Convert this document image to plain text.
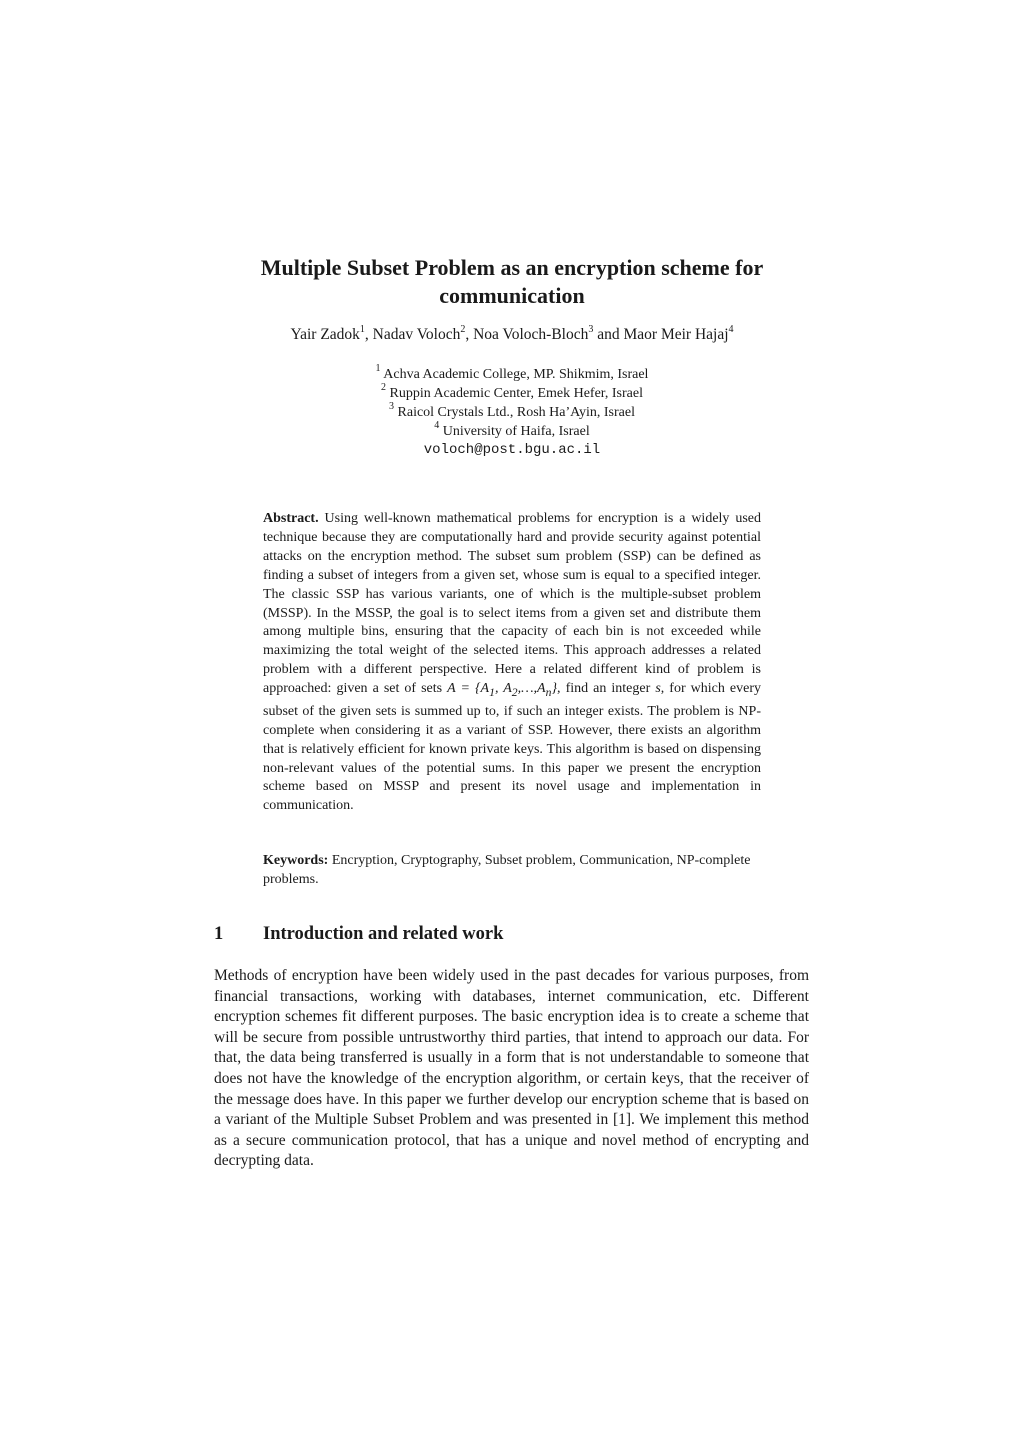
Multiple Subset Problem as an encryption scheme for communication
Yair Zadok$^1$, Nadav Voloch$^2$, Noa Voloch-Bloch$^3$ and Maor Meir Hajaj$^4$
$^1$ Achva Academic College, MP. Shikmim, Israel
$^2$ Ruppin Academic Center, Emek Hefer, Israel
$^3$ Raicol Crystals Ltd., Rosh Ha’Ayin, Israel
$^4$ University of Haifa, Israel
voloch@post.bgu.ac.il
Abstract. Using well-known mathematical problems for encryption is a widely used technique because they are computationally hard and provide security against potential attacks on the encryption method. The subset sum problem (SSP) can be defined as finding a subset of integers from a given set, whose sum is equal to a specified integer. The classic SSP has various variants, one of which is the multiple-subset problem (MSSP). In the MSSP, the goal is to select items from a given set and distribute them among multiple bins, ensuring that the capacity of each bin is not exceeded while maximizing the total weight of the selected items. This approach addresses a related problem with a different perspective. Here a related different kind of problem is approached: given a set of sets $A = \{A_1$, $A_2,\dots,A_n$}, find an integer s, for which every subset of the given sets is summed up to, if such an integer exists. The problem is NP-complete when considering it as a variant of SSP. However, there exists an algorithm that is relatively efficient for known private keys. This algorithm is based on dispensing non-relevant values of the potential sums. In this paper we present the encryption scheme based on MSSP and present its novel usage and implementation in communication.
Keywords: Encryption, Cryptography, Subset problem, Communication, NP-complete problems.
1 Introduction and related work
Methods of encryption have been widely used in the past decades for various purposes, from financial transactions, working with databases, internet communication, etc. Different encryption schemes fit different purposes. The basic encryption idea is to create a scheme that will be secure from possible untrustworthy third parties, that intend to approach our data. For that, the data being transferred is usually in a form that is not understandable to someone that does not have the knowledge of the encryption algorithm, or certain keys, that the receiver of the message does have. In this paper we further develop our encryption scheme that is based on a variant of the Multiple Subset Problem and was presented in [1]. We implement this method as a secure communication protocol, that has a unique and novel method of encrypting and decrypting data.
